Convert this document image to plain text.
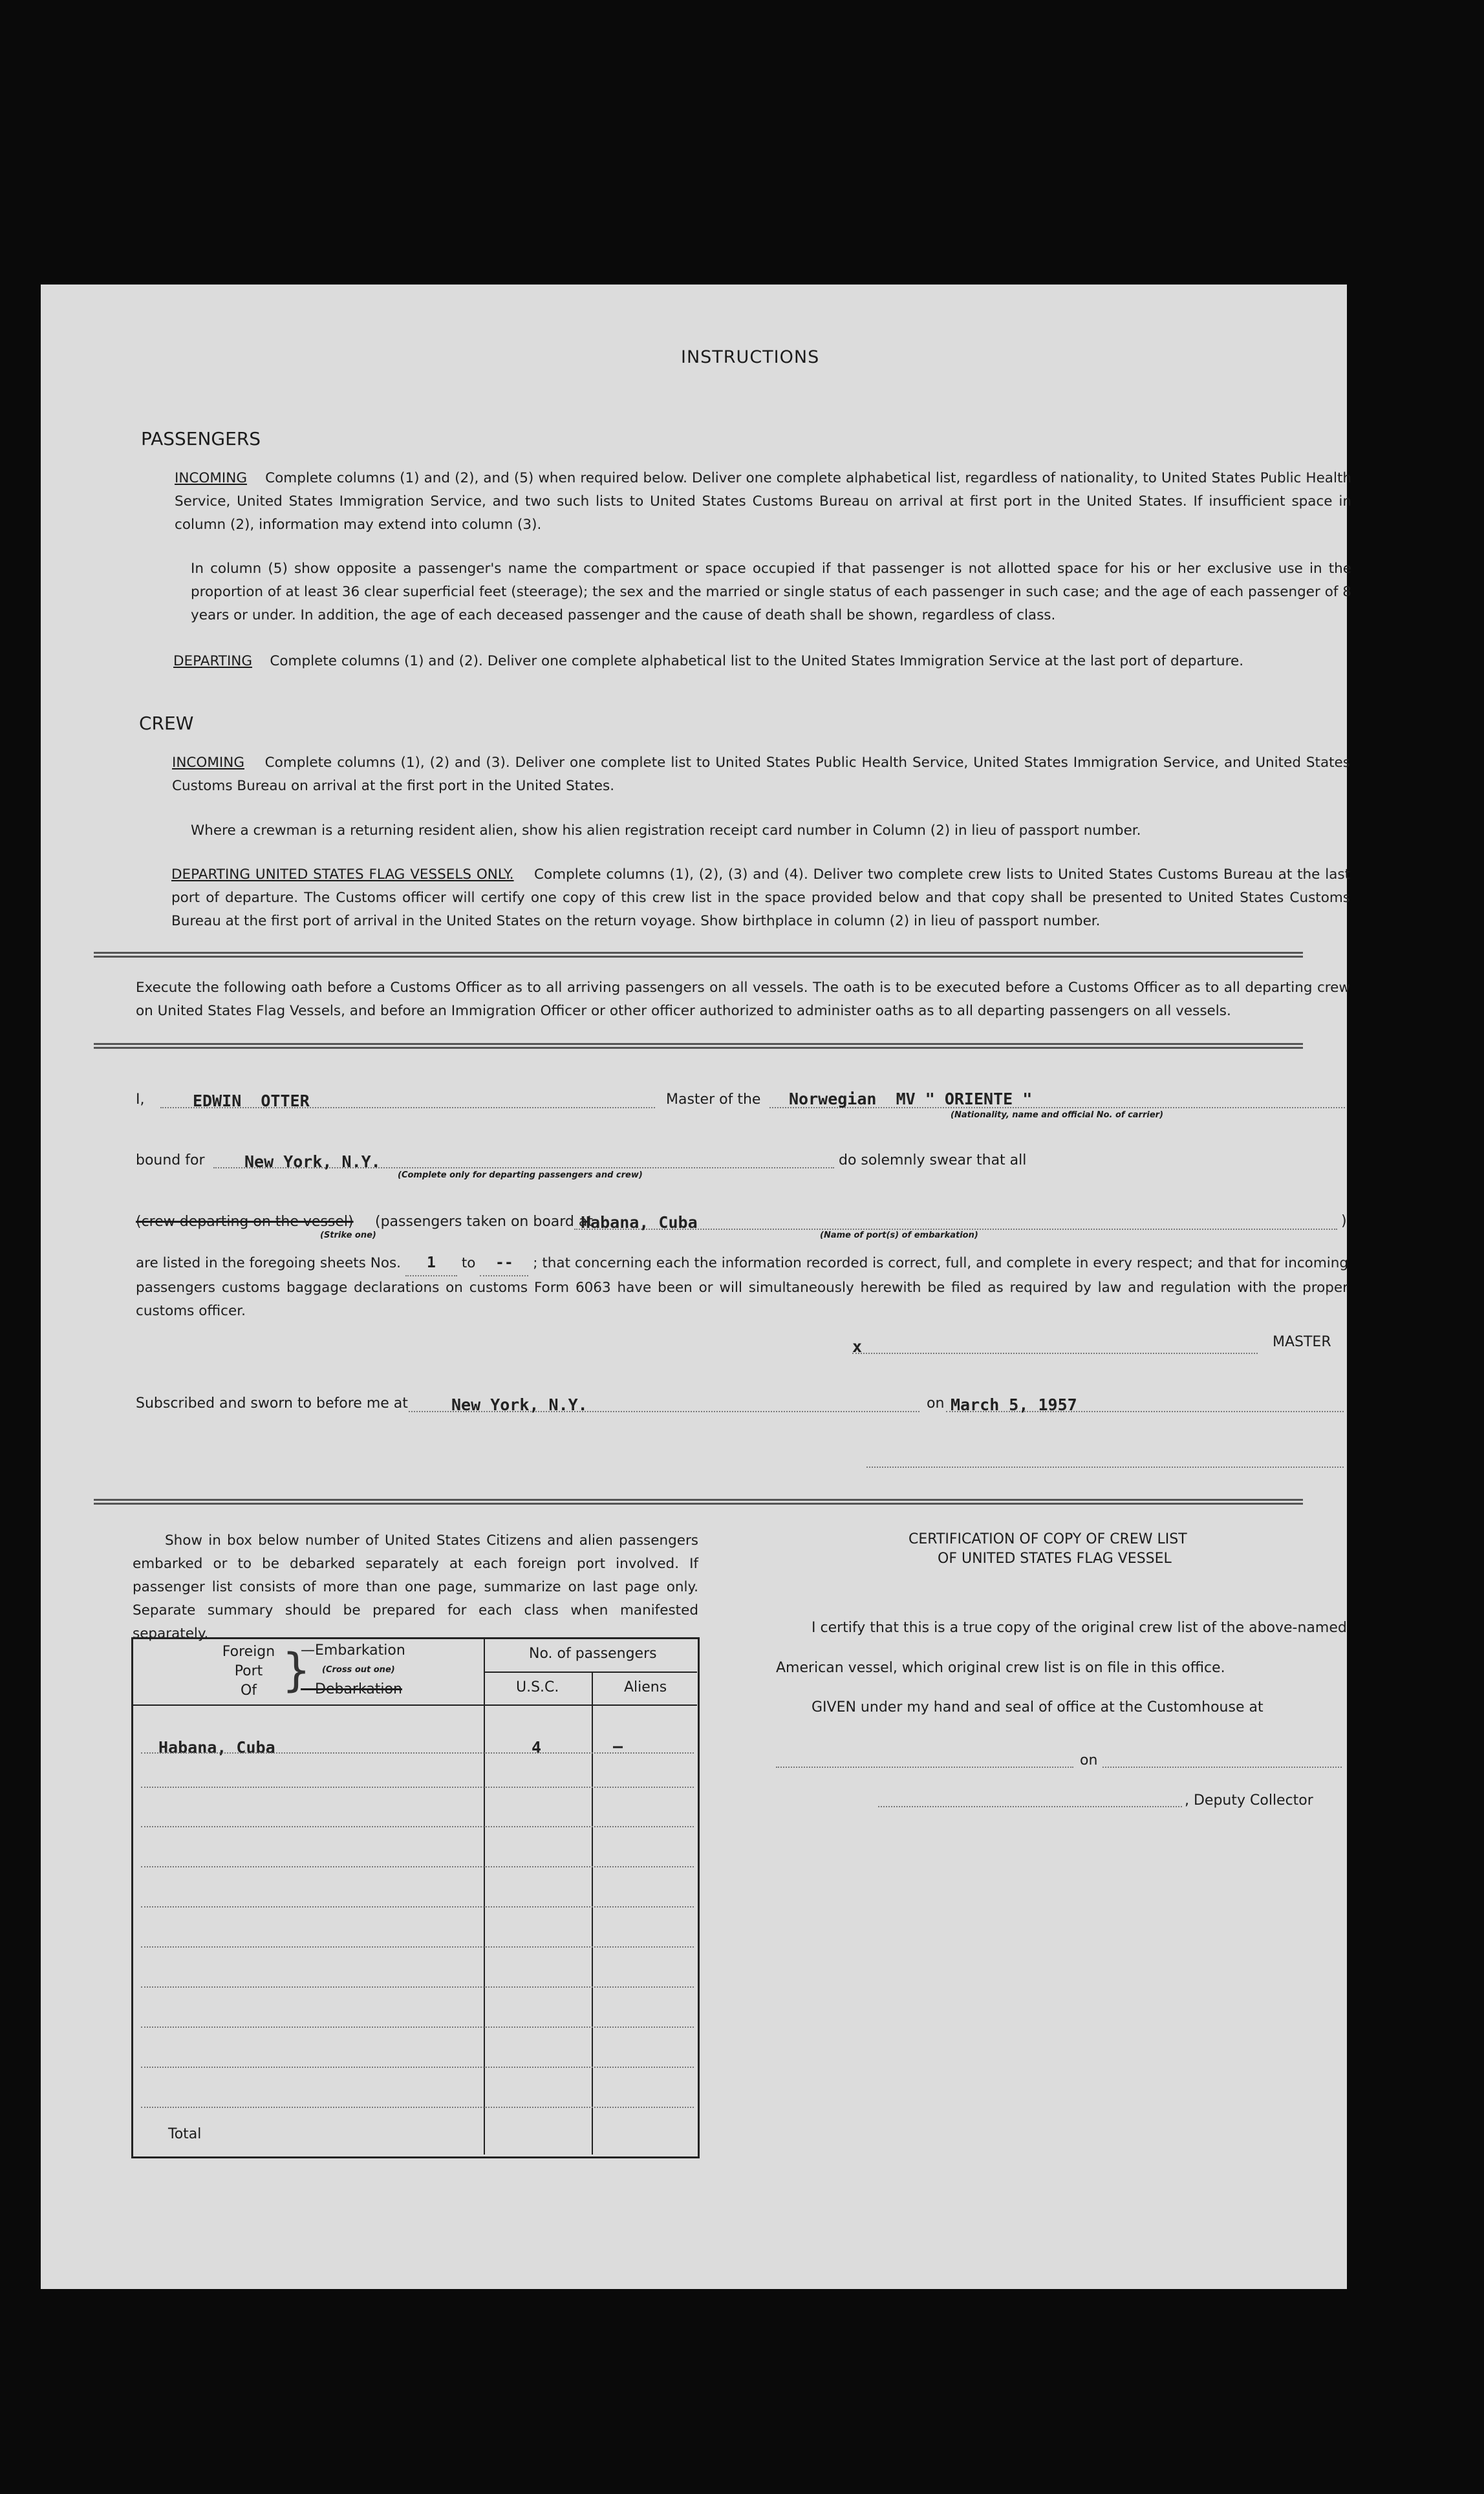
INSTRUCTIONS
PASSENGERS
INCOMING Complete columns (1) and (2), and (5) when required below. Deliver one complete alphabetical list, regardless of nationality, to United States Public Health Service, United States Immigration Service, and two such lists to United States Customs Bureau on arrival at first port in the United States. If insufficient space in column (2), information may extend into column (3).
In column (5) show opposite a passenger's name the compartment or space occupied if that passenger is not allotted space for his or her exclusive use in the proportion of at least 36 clear superficial feet (steerage); the sex and the married or single status of each passenger in such case; and the age of each passenger of 8 years or under. In addition, the age of each deceased passenger and the cause of death shall be shown, regardless of class.
DEPARTING Complete columns (1) and (2). Deliver one complete alphabetical list to the United States Immigration Service at the last port of departure.
CREW
INCOMING Complete columns (1), (2) and (3). Deliver one complete list to United States Public Health Service, United States Immigration Service, and United States Customs Bureau on arrival at the first port in the United States.
Where a crewman is a returning resident alien, show his alien registration receipt card number in Column (2) in lieu of passport number.
DEPARTING UNITED STATES FLAG VESSELS ONLY. Complete columns (1), (2), (3) and (4). Deliver two complete crew lists to United States Customs Bureau at the last port of departure. The Customs officer will certify one copy of this crew list in the space provided below and that copy shall be presented to United States Customs Bureau at the first port of arrival in the United States on the return voyage. Show birthplace in column (2) in lieu of passport number.
Execute the following oath before a Customs Officer as to all arriving passengers on all vessels. The oath is to be executed before a Customs Officer as to all departing crew on United States Flag Vessels, and before an Immigration Officer or other officer authorized to administer oaths as to all departing passengers on all vessels.
I,	EDWIN  OTTER	Master of the Norwegian  MV " ORIENTE "
(Nationality, name and official No. of carrier)
bound for New York, N.Y.
(Complete only for departing passengers and crew)
do solemnly swear that all
(crew departing on the vessel) (passengers taken on board at
(Strike one)
Habana, Cuba
(Name of port(s) of embarkation)
)
are listed in the foregoing sheets Nos. 1 to -- ; that concerning each the information recorded is correct, full, and complete in every respect; and that for incoming passengers customs baggage declarations on customs Form 6063 have been or will simultaneously herewith be filed as required by law and regulation with the proper customs officer.
x	MASTER
Subscribed and sworn to before me at	New York, N.Y.	on March 5, 1957
Show in box below number of United States Citizens and alien passengers embarked or to be debarked separately at each foreign port involved. If passenger list consists of more than one page, summarize on last page only. Separate summary should be prepared for each class when manifested separately.
Foreign
Port
Of }
—Embarkation
(Cross out one)
—Debarkation
No. of passengers
U.S.C.	Aliens
Habana, Cuba	4	—
Total
CERTIFICATION OF COPY OF CREW LIST
OF UNITED STATES FLAG VESSEL
I certify that this is a true copy of the original crew list of the above-named
American vessel, which original crew list is on file in this office.
GIVEN under my hand and seal of office at the Customhouse at
on
, Deputy Collector
